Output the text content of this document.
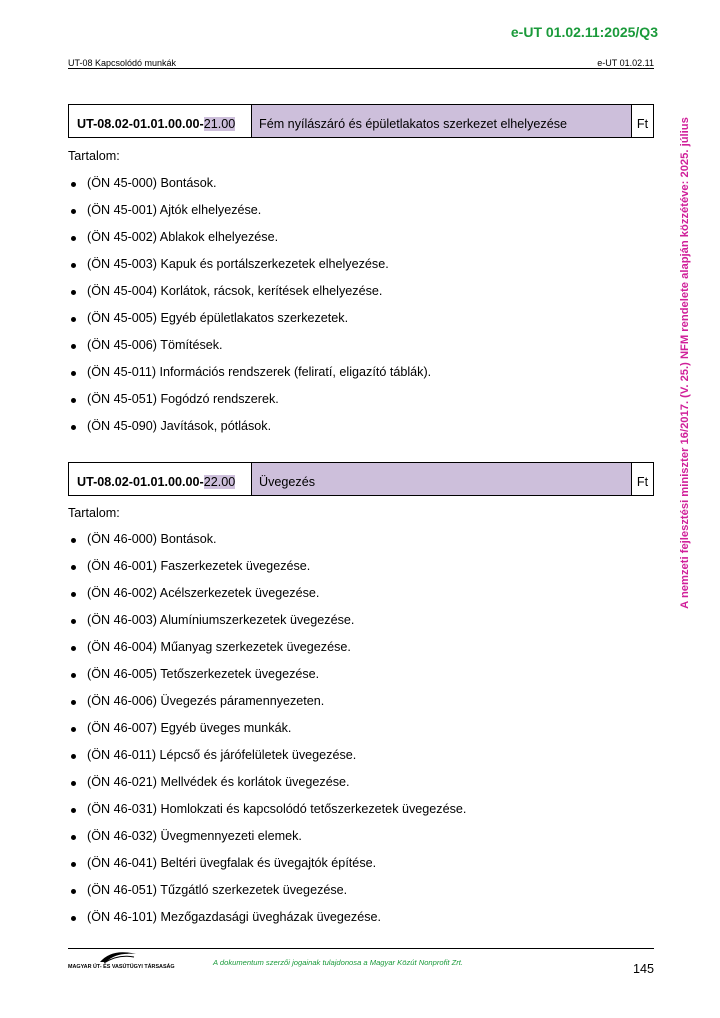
e-UT 01.02.11:2025/Q3
UT-08 Kapcsolódó munkák	e-UT 01.02.11
A nemzeti fejlesztési miniszter 16/2017. (V. 25.) NFM rendelete alapján közzétéve: 2025. július
UT-08.02-01.01.00.00- 21.00	Fém nyílászáró és épületlakatos szerkezet elhelyezése	Ft
Tartalom:
(ÖN 45-000) Bontások.
(ÖN 45-001) Ajtók elhelyezése.
(ÖN 45-002) Ablakok elhelyezése.
(ÖN 45-003) Kapuk és portálszerkezetek elhelyezése.
(ÖN 45-004) Korlátok, rácsok, kerítések elhelyezése.
(ÖN 45-005) Egyéb épületlakatos szerkezetek.
(ÖN 45-006) Tömítések.
(ÖN 45-011) Információs rendszerek (feliratí, eligazító táblák).
(ÖN 45-051) Fogódzó rendszerek.
(ÖN 45-090) Javítások, pótlások.
UT-08.02-01.01.00.00- 22.00	Üvegezés	Ft
Tartalom:
(ÖN 46-000) Bontások.
(ÖN 46-001) Faszerkezetek üvegezése.
(ÖN 46-002) Acélszerkezetek üvegezése.
(ÖN 46-003) Alumíniumszerkezetek üvegezése.
(ÖN 46-004) Műanyag szerkezetek üvegezése.
(ÖN 46-005) Tetőszerkezetek üvegezése.
(ÖN 46-006) Üvegezés páramennyezeten.
(ÖN 46-007) Egyéb üveges munkák.
(ÖN 46-011) Lépcső és járófelületek üvegezése.
(ÖN 46-021) Mellvédek és korlátok üvegezése.
(ÖN 46-031) Homlokzati és kapcsolódó tetőszerkezetek üvegezése.
(ÖN 46-032) Üvegmennyezeti elemek.
(ÖN 46-041) Beltéri üvegfalak és üvegajtók építése.
(ÖN 46-051) Tűzgátló szerkezetek üvegezése.
(ÖN 46-101) Mezőgazdasági üvegházak üvegezése.
MAGYAR ÚT- ÉS VASÚTÜGYI TÁRSASÁG	A dokumentum szerzői jogainak tulajdonosa a Magyar Közút Nonprofit Zrt.	145
